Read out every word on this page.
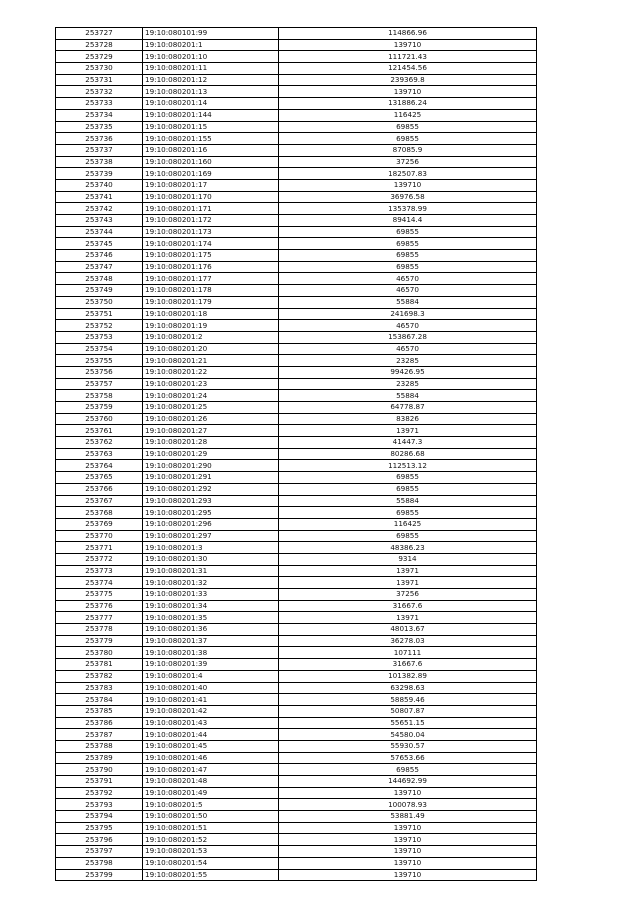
253727	19:10:080101:99	114866.96
253728	19:10:080201:1	139710
253729	19:10:080201:10	111721.43
253730	19:10:080201:11	121454.56
253731	19:10:080201:12	239369.8
253732	19:10:080201:13	139710
253733	19:10:080201:14	131886.24
253734	19:10:080201:144	116425
253735	19:10:080201:15	69855
253736	19:10:080201:155	69855
253737	19:10:080201:16	87085.9
253738	19:10:080201:160	37256
253739	19:10:080201:169	182507.83
253740	19:10:080201:17	139710
253741	19:10:080201:170	36976.58
253742	19:10:080201:171	135378.99
253743	19:10:080201:172	89414.4
253744	19:10:080201:173	69855
253745	19:10:080201:174	69855
253746	19:10:080201:175	69855
253747	19:10:080201:176	69855
253748	19:10:080201:177	46570
253749	19:10:080201:178	46570
253750	19:10:080201:179	55884
253751	19:10:080201:18	241698.3
253752	19:10:080201:19	46570
253753	19:10:080201:2	153867.28
253754	19:10:080201:20	46570
253755	19:10:080201:21	23285
253756	19:10:080201:22	99426.95
253757	19:10:080201:23	23285
253758	19:10:080201:24	55884
253759	19:10:080201:25	64778.87
253760	19:10:080201:26	83826
253761	19:10:080201:27	13971
253762	19:10:080201:28	41447.3
253763	19:10:080201:29	80286.68
253764	19:10:080201:290	112513.12
253765	19:10:080201:291	69855
253766	19:10:080201:292	69855
253767	19:10:080201:293	55884
253768	19:10:080201:295	69855
253769	19:10:080201:296	116425
253770	19:10:080201:297	69855
253771	19:10:080201:3	48386.23
253772	19:10:080201:30	9314
253773	19:10:080201:31	13971
253774	19:10:080201:32	13971
253775	19:10:080201:33	37256
253776	19:10:080201:34	31667.6
253777	19:10:080201:35	13971
253778	19:10:080201:36	48013.67
253779	19:10:080201:37	36278.03
253780	19:10:080201:38	107111
253781	19:10:080201:39	31667.6
253782	19:10:080201:4	101382.89
253783	19:10:080201:40	63298.63
253784	19:10:080201:41	58859.46
253785	19:10:080201:42	50807.87
253786	19:10:080201:43	55651.15
253787	19:10:080201:44	54580.04
253788	19:10:080201:45	55930.57
253789	19:10:080201:46	57653.66
253790	19:10:080201:47	69855
253791	19:10:080201:48	144692.99
253792	19:10:080201:49	139710
253793	19:10:080201:5	100078.93
253794	19:10:080201:50	53881.49
253795	19:10:080201:51	139710
253796	19:10:080201:52	139710
253797	19:10:080201:53	139710
253798	19:10:080201:54	139710
253799	19:10:080201:55	139710
